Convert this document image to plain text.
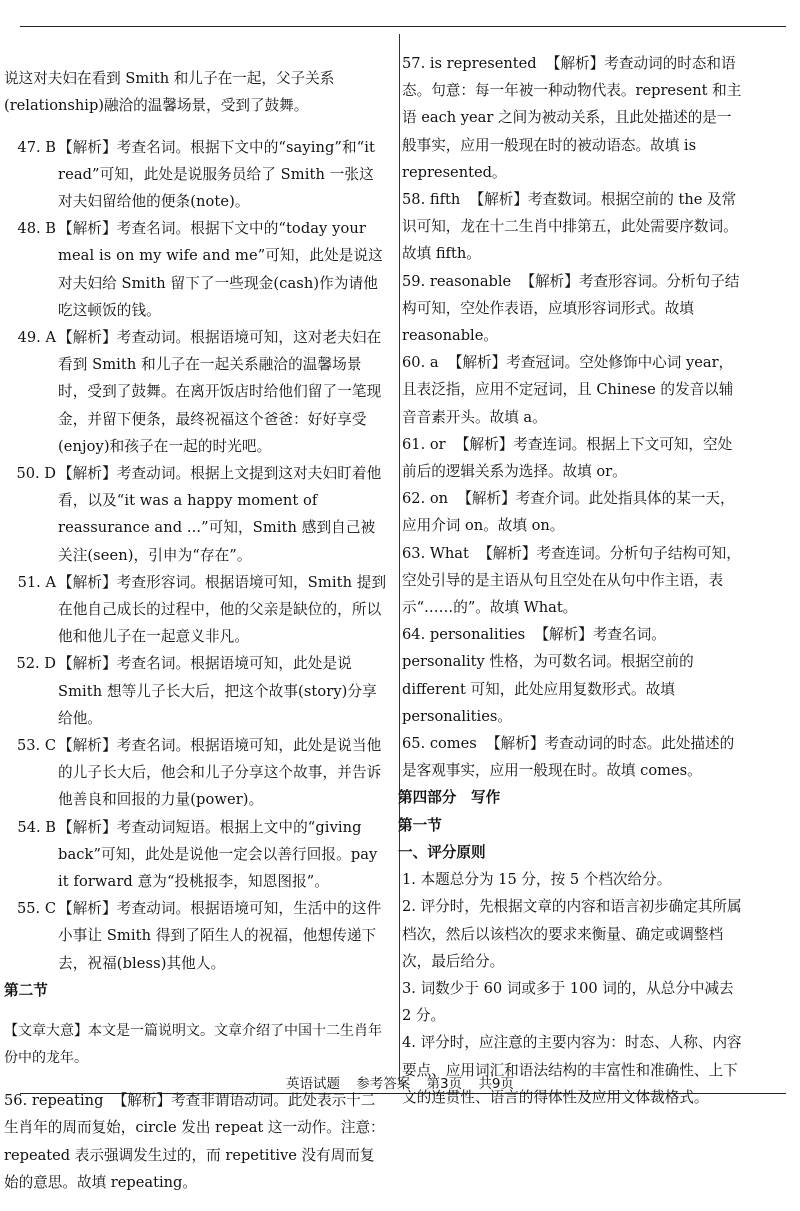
说这对夫妇在看到 Smith 和儿子在一起，父子关系(relationship)融洽的温馨场景，受到了鼓舞。

47. B 【解析】考查名词。根据下文中的“saying”和“it read”可知，此处是说服务员给了 Smith 一张这对夫妇留给他的便条(note)。

48. B 【解析】考查名词。根据下文中的“today your meal is on my wife and me”可知，此处是说这对夫妇给 Smith 留下了一些现金(cash)作为请他吃这顿饭的钱。

49. A 【解析】考查动词。根据语境可知，这对老夫妇在看到 Smith 和儿子在一起关系融洽的温馨场景时，受到了鼓舞。在离开饭店时给他们留了一笔现金，并留下便条，最终祝福这个爸爸：好好享受(enjoy)和孩子在一起的时光吧。

50. D 【解析】考查动词。根据上文提到这对夫妇盯着他看，以及“it was a happy moment of reassurance and ...”可知，Smith 感到自己被关注(seen)，引申为“存在”。

51. A 【解析】考查形容词。根据语境可知，Smith 提到在他自己成长的过程中，他的父亲是缺位的，所以他和他儿子在一起意义非凡。

52. D 【解析】考查名词。根据语境可知，此处是说 Smith 想等儿子长大后，把这个故事(story)分享给他。

53. C 【解析】考查名词。根据语境可知，此处是说当他的儿子长大后，他会和儿子分享这个故事，并告诉他善良和回报的力量(power)。

54. B 【解析】考查动词短语。根据上文中的“giving back”可知，此处是说他一定会以善行回报。pay it forward 意为“投桃报李，知恩图报”。

55. C 【解析】考查动词。根据语境可知，生活中的这件小事让 Smith 得到了陌生人的祝福，他想传递下去，祝福(bless)其他人。

第二节

【文章大意】本文是一篇说明文。文章介绍了中国十二生肖年份中的龙年。

56. repeating 【解析】考查非谓语动词。此处表示十二生肖年的周而复始，circle 发出 repeat 这一动作。注意：repeated 表示强调发生过的，而 repetitive 没有周而复始的意思。故填 repeating。

57. is represented 【解析】考查动词的时态和语态。句意：每一年被一种动物代表。represent 和主语 each year 之间为被动关系，且此处描述的是一般事实，应用一般现在时的被动语态。故填 is represented。

58. fifth 【解析】考查数词。根据空前的 the 及常识可知，龙在十二生肖中排第五，此处需要序数词。故填 fifth。

59. reasonable 【解析】考查形容词。分析句子结构可知，空处作表语，应填形容词形式。故填 reasonable。

60. a 【解析】考查冠词。空处修饰中心词 year，且表泛指，应用不定冠词，且 Chinese 的发音以辅音音素开头。故填 a。

61. or 【解析】考查连词。根据上下文可知，空处前后的逻辑关系为选择。故填 or。

62. on 【解析】考查介词。此处指具体的某一天，应用介词 on。故填 on。

63. What 【解析】考查连词。分析句子结构可知，空处引导的是主语从句且空处在从句中作主语，表示“……的”。故填 What。

64. personalities 【解析】考查名词。personality 性格，为可数名词。根据空前的 different 可知，此处应用复数形式。故填 personalities。

65. comes 【解析】考查动词的时态。此处描述的是客观事实，应用一般现在时。故填 comes。

第四部分　写作

第一节

一、评分原则

1. 本题总分为 15 分，按 5 个档次给分。

2. 评分时，先根据文章的内容和语言初步确定其所属档次，然后以该档次的要求来衡量、确定或调整档次，最后给分。

3. 词数少于 60 词或多于 100 词的，从总分中减去 2 分。

4. 评分时，应注意的主要内容为：时态、人称、内容要点、应用词汇和语法结构的丰富性和准确性、上下文的连贯性、语言的得体性及应用文体裁格式。

英语试题 参考答案 第3页 共9页
